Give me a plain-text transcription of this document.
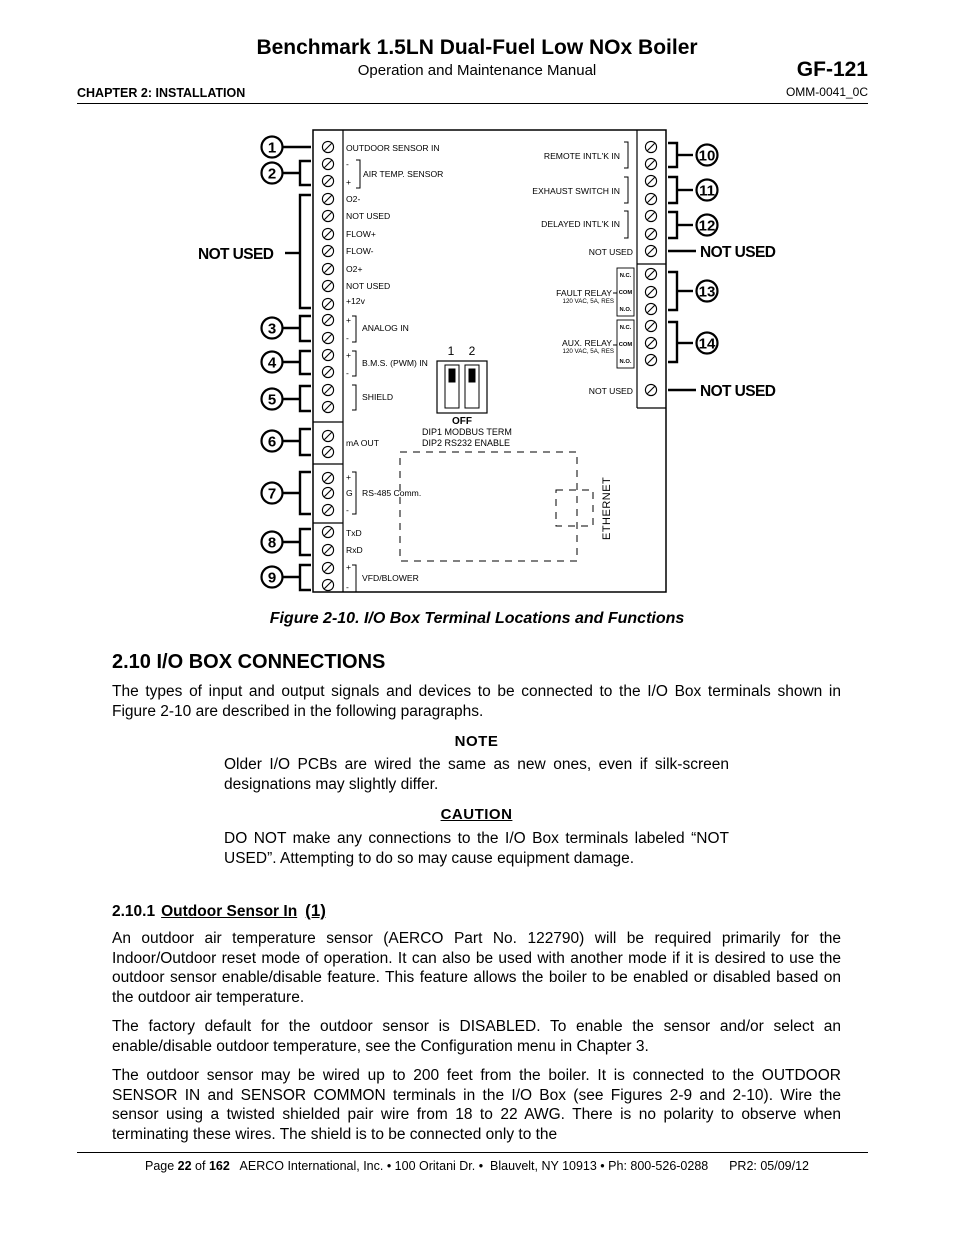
Benchmark 1.5LN Dual-Fuel Low NOx Boiler
Operation and Maintenance Manual
CHAPTER 2: INSTALLATION
GF-121
OMM-0041_0C
OUTDOOR SENSOR IN
-
AIR TEMP. SENSOR
+
O2-
NOT USED
FLOW+
FLOW-
O2+
NOT USED
+12v
+
ANALOG IN
-
+
B.M.S. (PWM) IN
-
SHIELD
mA OUT
+
G RS-485 Comm.
-
TxD
RxD
+
VFD/BLOWER
-
REMOTE INTL'K IN
EXHAUST SWITCH IN
DELAYED INTL'K IN
NOT USED
FAULT RELAY
120 VAC, 5A, RES
AUX. RELAY
120 VAC, 5A, RES
NOT USED
N.C.
COM
N.O.
N.C.
COM
N.O.
1 2
OFF
DIP1 MODBUS TERM
DIP2 RS232 ENABLE
ETHERNET
1
2
3
4
5
6
7
8
9
NOT USED
10
11
12
13
14
NOT USED
NOT USED
Figure 2-10. I/O Box Terminal Locations and Functions
2.10 I/O BOX CONNECTIONS
The types of input and output signals and devices to be connected to the I/O Box terminals shown in Figure 2-10 are described in the following paragraphs.
NOTE
Older I/O PCBs are wired the same as new ones, even if silk-screen designations may slightly differ.
CAUTION
DO NOT make any connections to the I/O Box terminals labeled “NOT USED”. Attempting to do so may cause equipment damage.
2.10.1 Outdoor Sensor In (1)
An outdoor air temperature sensor (AERCO Part No. 122790) will be required primarily for the Indoor/Outdoor reset mode of operation. It can also be used with another mode if it is desired to use the outdoor sensor enable/disable feature. This feature allows the boiler to be enabled or disabled based on the outdoor air temperature.
The factory default for the outdoor sensor is DISABLED. To enable the sensor and/or select an enable/disable outdoor temperature, see the Configuration menu in Chapter 3.
The outdoor sensor may be wired up to 200 feet from the boiler. It is connected to the OUTDOOR SENSOR IN and SENSOR COMMON terminals in the I/O Box (see Figures 2-9 and 2-10). Wire the sensor using a twisted shielded pair wire from 18 to 22 AWG. There is no polarity to observe when terminating these wires. The shield is to be connected only to the
Page 22 of 162   AERCO International, Inc. • 100 Oritani Dr. •  Blauvelt, NY 10913 • Ph: 800-526-0288      PR2: 05/09/12
